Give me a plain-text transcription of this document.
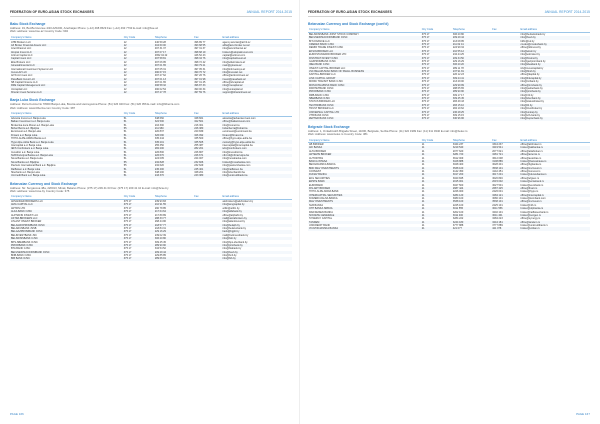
FEDERATION OF EURO-ASIAN STOCK EXCHANGES	ANNUAL REPORT 2014-2015
Baku Stock Exchange
Address: 19, Bul-Bul Avenue 4/20 AZ1000, Azerbaijan Phone: (+12) 498 9529 Fax: (+12) 493 7793 E-mail: info@bse.az
Web: address: www.bse.az Country Code: 994
Company's Name	City Code	Telephone	Fax	Email address
ATBI Brokers LLC	12	440 59 28	496 89 77	agency.azertac@azinf.ov
AZ Broker Financial Assets LLC	12	404 60 00	493 68 55	abfa@azer.broker.net.az
AzeriChannel LLC	12	497 31 37	497 31 37	info@azerichannel.az
Atropat Invest LLC	12	497 07 17	498 68 19	brokers@atropatinvest.com
Aztrust Capital LLC	12	4652 04 42	446 52 43	capital@aztrust.com
Capital Invest LLC	12	497 58 81	498 34 76	info@capitalinvest.az
Elite Brokers LLC	12	497 06 95	498 72 42	info@elitebrokers.az
GinesiaFinancial LLC	12	497 01 65	490 79 21	main@ginesia.az
International Investment Systems LLC	12	497 05 31	497 05 31	info@intinvestsys.az
Invest-AZ LLC	12	490 67 15	490 76 72	info@investaz.net
ArtTroni Invest LLC	12	497 27 62	497 26 76	office@arttroniinvest.az
PasaBank Invest LLC	12	497 01 13	497 01 98	invest@pasabank.az
SB Capital Finance LLC	12	497 01 65	497 01 45	office@sbcapital.az
RRE Capital Management LLC	12	496 58 32	496 87 33	info@rrecapital.az
Unicapital LLC	12	490 02 54	490 00 34	info@unicapital.az
Khazar Invest Services LLC	12	497 27 78	497 59 76	support@khazarinvest.az
Banja Luka Stock Exchange
Address: Petra Kocica No 78000 Banja Luka, Bosnia and Herzegovina Phone: (51) 326 040 Fax: (51) 326 056 E-mail: info@blberza.com
Web: Address: www.blberza.com Country Code: 387
Company's Name	City Code	Telephone	Fax	Email address
Advanta Invest a.d. Banja Luka	51	348 660	348 661	advanta@advanta-invest.com
Balkan Investment a.d. Banja Luka	51	322 500	322 501	office@balkaninvest.com
Brokerska kuca Monet a.d. Banja Luka	51	216 300	216 301	info@monet.ba
Bobar Berza a.d. Bijeljina	55	211 960	226 380	bobarberza@bobar.ba
Euroinvest a.d. Banja Luka	51	220 837	220 839	euroinvest@euroinvest.ba
Fimaco a.d. Banja Luka	51	326 090	326 092	fimaco@fimaco.ba
HYPO-ALPE-ADRIA Banka a.d.	51	335 444	335 500	office@hypo-alpe-adria.ba
Hypo Alpe-Adria Bank a.d. Banja Luka	51	335 201	335 505	custody@hypo-alpe-adria.ba
Intercapital a.d. Banja Luka	51	255 350	255 387	intercapital@intercapital.ba
IEFS Conbrokers a.d. Banja Luka	51	282 200	282 201	iefs@conbrokers.com
Investitor a.d. Banja Luka	51	226 800	226 807	info@investitor.ba
NLB Razvojna Banka a.d. Banja Luka	51	226 670	226 671	nlb.brd@nlbrazvojna.ba
Nova Banka a.d. Banja Luka	51	224 005	224 007	info@novabanka.com
Nova Banka a.d. Bijeljina	55	232 828	232 826	brokeri@novabanka.com
Pavlovic International Bank a.d. Bijeljina	55	232 620	232 629	info@pavlovicbanka.com
Raiffeisen a.d. Banja Luka	51	245 400	245 401	info@raiffeisen.ba
Sberbank a.d. Banja Luka	51	348 200	348 201	info@sberbankbl.ba
Unicredit Bank a.d. Banja Luka	51	243 370	243 380	info@unicreditbank.ba
Belarusian Currency and Stock Exchange
Address: Str. Surganova 48a, 220013, Minsk, Belarus Phone: (375 17) 209 41 03 Fax: (375 17) 209 41 10 E-mail: info@bcse.by
Web: address: www.bcse.by Country Code: 375
Company's Name	City Code	Telephone	Fax	Email address
ADVANCED BROKERS LLC	375 17	239 93 83		advbrokers@advbrokers.by
AMG CAPITAL LLC	375 17	210 91 55		info@amgcapital.by
ARTFIN LTD	375 17	290 78 85		artfin@artfin.by
ALFA-BANK OJSC	375 17	217 64 64		info@alfabank.by
ALPHAFIN INVEST LLC	375 17	217 89 89		office@alphafin.by
ASTRA BROKERS LLC	375 17	288 33 77		mail@astrabrokers.by
ATLANT INVEST BROKER	375 17	268 44 96		info@atlantinvest.by
BELAGROPROMBANK OJSC	375 17	218 57 77		info@belapb.by
BELARUSBANK JSSB	375 17	218 84 31		info@belarusbank.by
BELGAZPROMBANK OJSC	375 17	229 16 29		bank@bgpb.by
BELINVESTBANK JSC	375 17	239 02 39		mail@belinvestbank.by
BELSWISSBANK CJSC	375 17	306 20 80		info@bsb.by
BPS-SBERBANK OJSC	375 17	309 45 45		info@bps-sberbank.by
PRIORBANK OJSC	375 17	289 90 90		info@priorbank.by
BTA BANK CJSC	375 17	334 54 52		info@btabank.by
BELVNESHECONOMBANK OJSC	375 17	209 29 44		info@bveb.by
BNB-BANK OJSC	375 17	229 85 85		info@bnb.by
BIB BANK OJSC	375 17	289 66 91		info@bib.by
PAGE 166
FEDERATION OF EURO-ASIAN STOCK EXCHANGES	ANNUAL REPORT 2014-2015
Belarusian Currency and Stock Exchange (cont'd)
Company's Name	City Code	Telephone	Fax	Email address
BELSWISSBANK JOINT STOCK COMPANY	375 17	306 20 80		info@belswissbank.by
BELVNESHECONOMBANK OJSC	375 17	209 29 44		info@bveb.by
BIT-FINANCE LLC	375 17	213 08 95		bitfin@tut.by
CREDEX BANK CJSC	375 17	211 62 41		credex@credexbank.by
DEMIR TRADE INVEST OJSC	375 17	224 99 34		office@dtinvest.by
EKSIN-BROKER LLC	375 17	210 55 12		info@eksin.by
EUROSTANDARD BROKER LTD	375 17	234 44 25		info@esbroker.by
FINSTRAT INVEST OJSC	375 17	209 34 50		info@finstrat.by
GAZPROMBANK OJSC	375 17	229 16 29		info@gazprombank.by
IDEA BANK CJSC	375 17	306 20 20		info@ideabank.by
INVEST CAPITAL BROKER LLC	375 17	289 11 78		icb@investcapital.by
JSC BELARUSIAN BANK OF SMALL BUSINESS	375 17	237 91 81		info@bbsb.by
KAPITAL-BROKER LLC	375 17	226 12 23		office@kapital.by
LINK CAPITAL GROUP	375 17	309 24 41		info@linkcapital.by
MINSK TRANSIT BANK CJSC	375 17	213 29 00		info@mtbank.by
MOSCOW-MINSK BANK OJSC	375 17	229 99 99		office@mmbank.by
PARITETBANK OJSC	375 17	288 65 65		info@paritetbank.by
PRIORBANK OJSC	375 17	289 90 90		info@priorbank.by
RRB-BANK CJSC	375 17	309 17 17		info@rrb.by
SBERBANK OJSC	375 17	309 45 45		info@sberbank.by
STATUS BROKER LLC	375 17	283 49 43		info@statusbroker.by
TECHNOBANK OJSC	375 17	283 15 10		info@tb.by
TRUST BROKER LLC	375 17	284 19 62		info@trustbroker.by
UNIVERSAL CAPITAL LTD	375 17	236 28 25		info@unicap.by
VTB BANK OJSC	375 17	309 15 15		info@vtb-bank.by
ZEPTER BANK CJSC	375 17	330 96 96		info@zepterbank.by
Belgrade Stock Exchange
Address: 1, Omladinskih Brigada Street, 11000, Belgrade, Serbia Phone: (11) 322 1999 Fax: (11) 311 0340 E-mail: info@belex.rs
Web: Address: www.belex.rs Country Code: 381
Company's Name	City Code	Telephone	Fax	Email address
AB BROKER	11	3344 237	3344 237	office@abbroker.rs
AIK BANKA	11	3219 540	3219 541	broker@aikbanka.rs
ALTA BROKER	11	2077 620	2077 621	office@altabroker.rs
ARTEMIS BROKER	11	3281 720	3281 721	office@artemis.rs
AUTORITAS	11	3612 009	3612 008	office@autoritas.rs
BANCA INTESA	11	3108 888	3108 889	broker@bancaintesa.rs
BEOGRADSKA BANKA	11	3028 400	3028 401	office@bgbanka.rs
BDD M&V INVESTMENTS	11	3538 100	3538 101	office@mvinvest.rs
CONVEST	11	4142 450	4142 451	office@convest.rs
DUNAV BANKA	11	3017 200	3017 201	broker@dunavbanka.rs
EFG SECURITIES	11	3020 845	3020 846	office@efgsec.rs
ERSTE BANK	11	2015 001	2015 002	broker@erstebank.rs
EUROBANK	11	3027 500	3027 501	broker@eurobank.rs
FIN-ART BROKER	11	2687 424	2687 425	office@finart.rs
HYPO ALPE ADRIA BANK	11	2226 000	2226 001	broker@hypo.rs
INTERCAPITAL SECURITIES	11	3284 120	3284 121	office@intercapital.rs
KOMERCIJALNA BANKA	11	3080 100	3080 101	broker@kombank.com
M&V INVESTMENTS	11	3538 100	3538 101	office@mvinvest.rs
NLB BANKA	11	2225 100	2225 101	broker@nlb.rs
OTP BANKA SRBIJA	11	3011 555	3011 556	broker@otpbanka.rs
RAIFFEISEN BANKA	11	3202 100	3202 101	broker@raiffeisenbank.rs
SOCIETE GENERALE	11	3011 400	3011 401	broker@socgen.rs
SYNERGY CAPITAL	11	3284 222	3284 223	office@synergy.rs
TANDEM	11	3244 180	3244 181	office@tandem.rs
UNICREDIT BANK	11	3777 888	3777 889	broker@unicreditbank.rs
VOJVODJANSKA BANKA	21	421 077	421 078	broker@voban.rs
PAGE 167
